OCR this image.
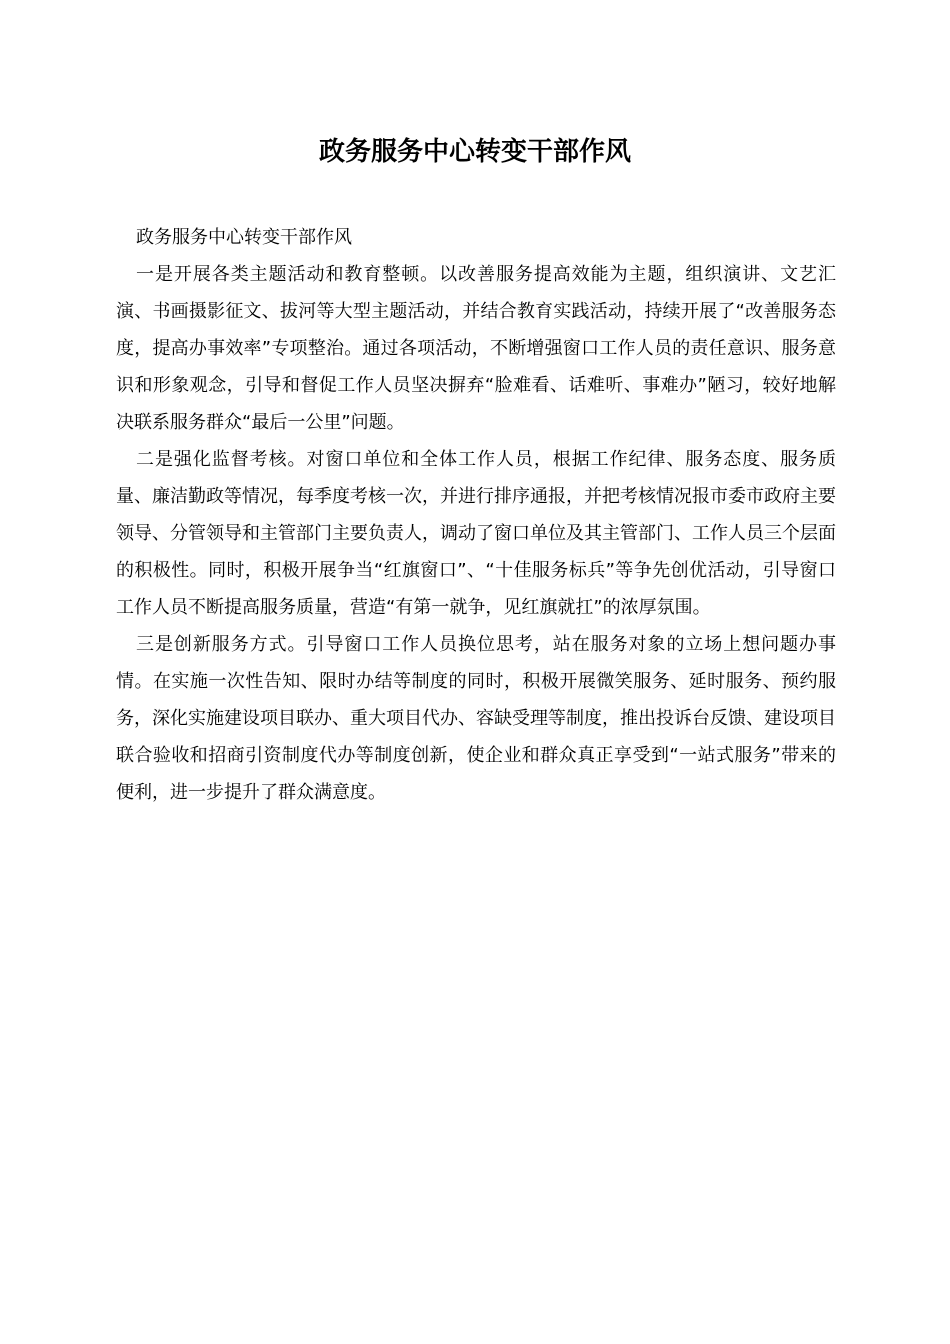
政务服务中心转变干部作风

政务服务中心转变干部作风

一是开展各类主题活动和教育整顿。以改善服务提高效能为主题，组织演讲、文艺汇演、书画摄影征文、拔河等大型主题活动，并结合教育实践活动，持续开展了“改善服务态度，提高办事效率”专项整治。通过各项活动，不断增强窗口工作人员的责任意识、服务意识和形象观念，引导和督促工作人员坚决摒弃“脸难看、话难听、事难办”陋习，较好地解决联系服务群众“最后一公里”问题。

二是强化监督考核。对窗口单位和全体工作人员，根据工作纪律、服务态度、服务质量、廉洁勤政等情况，每季度考核一次，并进行排序通报，并把考核情况报市委市政府主要领导、分管领导和主管部门主要负责人，调动了窗口单位及其主管部门、工作人员三个层面的积极性。同时，积极开展争当“红旗窗口”、“十佳服务标兵”等争先创优活动，引导窗口工作人员不断提高服务质量，营造“有第一就争，见红旗就扛”的浓厚氛围。

三是创新服务方式。引导窗口工作人员换位思考，站在服务对象的立场上想问题办事情。在实施一次性告知、限时办结等制度的同时，积极开展微笑服务、延时服务、预约服务，深化实施建设项目联办、重大项目代办、容缺受理等制度，推出投诉台反馈、建设项目联合验收和招商引资制度代办等制度创新，使企业和群众真正享受到“一站式服务”带来的便利，进一步提升了群众满意度。
